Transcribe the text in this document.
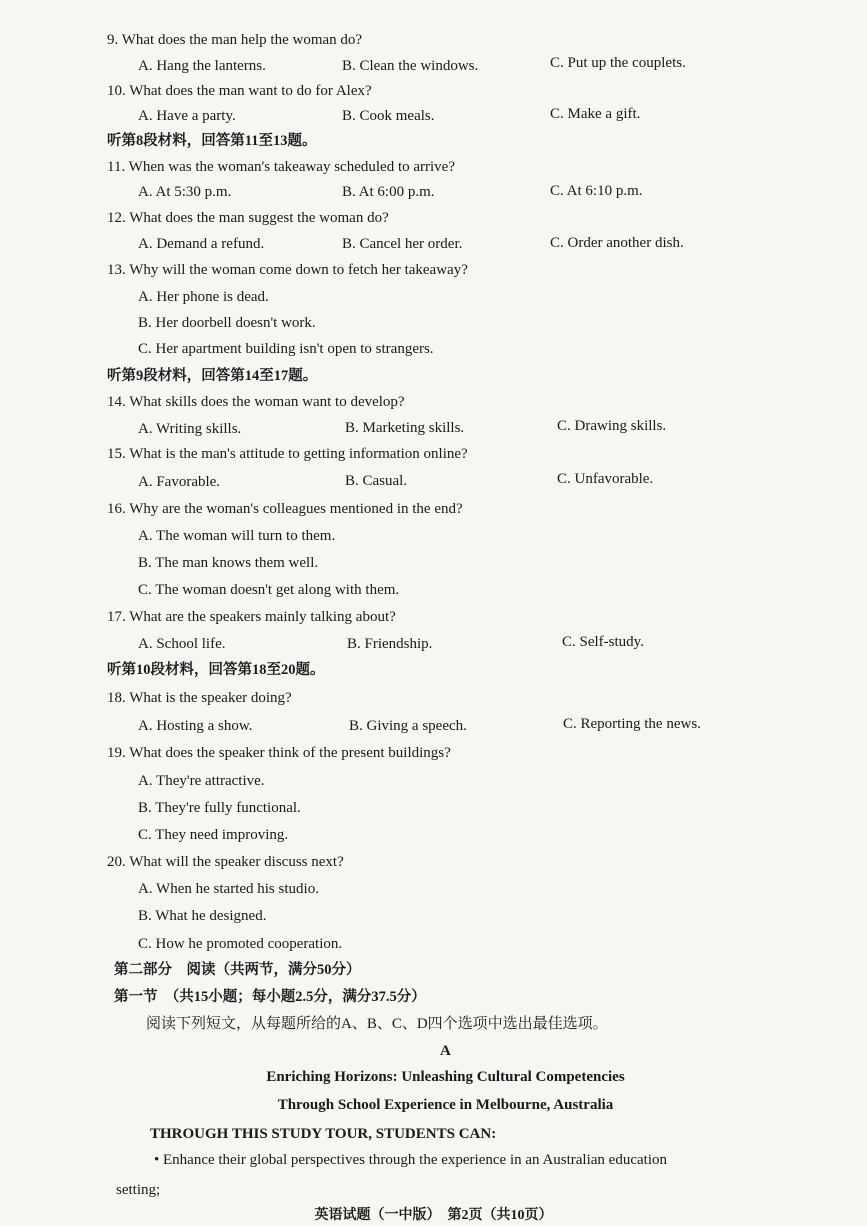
9. What does the man help the woman do?
A. Hang the lanterns.	B. Clean the windows.	C. Put up the couplets.
10. What does the man want to do for Alex?
A. Have a party.	B. Cook meals.	C. Make a gift.
听第8段材料，回答第11至13题。
11. When was the woman's takeaway scheduled to arrive?
A. At 5:30 p.m.	B. At 6:00 p.m.	C. At 6:10 p.m.
12. What does the man suggest the woman do?
A. Demand a refund.	B. Cancel her order.	C. Order another dish.
13. Why will the woman come down to fetch her takeaway?
A. Her phone is dead.
B. Her doorbell doesn't work.
C. Her apartment building isn't open to strangers.
听第9段材料，回答第14至17题。
14. What skills does the woman want to develop?
A. Writing skills.	B. Marketing skills.	C. Drawing skills.
15. What is the man's attitude to getting information online?
A. Favorable.	B. Casual.	C. Unfavorable.
16. Why are the woman's colleagues mentioned in the end?
A. The woman will turn to them.
B. The man knows them well.
C. The woman doesn't get along with them.
17. What are the speakers mainly talking about?
A. School life.	B. Friendship.	C. Self-study.
听第10段材料，回答第18至20题。
18. What is the speaker doing?
A. Hosting a show.	B. Giving a speech.	C. Reporting the news.
19. What does the speaker think of the present buildings?
A. They're attractive.
B. They're fully functional.
C. They need improving.
20. What will the speaker discuss next?
A. When he started his studio.
B. What he designed.
C. How he promoted cooperation.
第二部分　阅读（共两节，满分50分）
第一节　（共15小题；每小题2.5分，满分37.5分）
阅读下列短文，从每题所给的A、B、C、D四个选项中选出最佳选项。
A
Enriching Horizons: Unleashing Cultural Competencies
Through School Experience in Melbourne, Australia
THROUGH THIS STUDY TOUR, STUDENTS CAN:
• Enhance their global perspectives through the experience in an Australian education
setting;
英语试题（一中版）　第2页（共10页）
